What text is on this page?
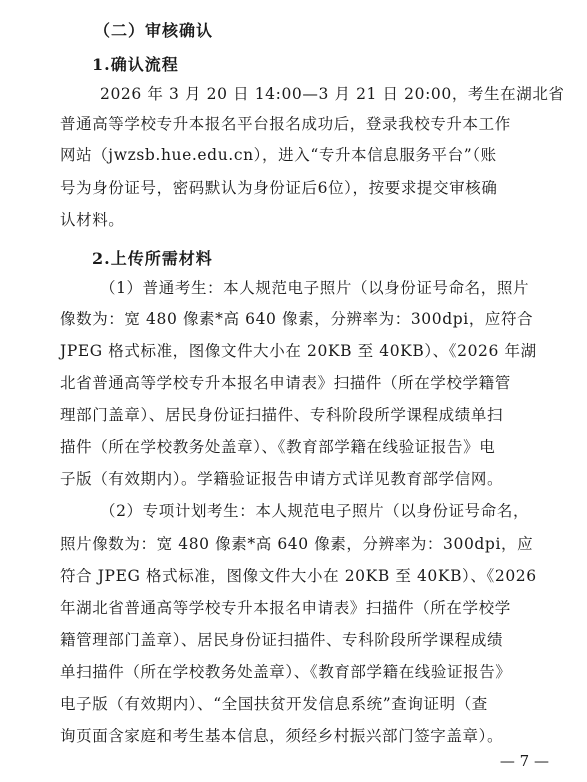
（二）审核确认
1.确认流程
2026 年 3 月 20 日 14:00—3 月 21 日 20:00，考生在湖北省
普通高等学校专升本报名平台报名成功后，登录我校专升本工作
网站（jwzsb.hue.edu.cn），进入“专升本信息服务平台”（账
号为身份证号，密码默认为身份证后6位），按要求提交审核确
认材料。
2.上传所需材料
（1）普通考生：本人规范电子照片（以身份证号命名，照片
像数为：宽 480 像素*高 640 像素，分辨率为：300dpi，应符合
JPEG 格式标准，图像文件大小在 20KB 至 40KB）、《2026 年湖
北省普通高等学校专升本报名申请表》扫描件（所在学校学籍管
理部门盖章）、居民身份证扫描件、专科阶段所学课程成绩单扫
描件（所在学校教务处盖章）、《教育部学籍在线验证报告》电
子版（有效期内）。学籍验证报告申请方式详见教育部学信网。
（2）专项计划考生：本人规范电子照片（以身份证号命名，
照片像数为：宽 480 像素*高 640 像素，分辨率为：300dpi，应
符合 JPEG 格式标准，图像文件大小在 20KB 至 40KB）、《2026
年湖北省普通高等学校专升本报名申请表》扫描件（所在学校学
籍管理部门盖章）、居民身份证扫描件、专科阶段所学课程成绩
单扫描件（所在学校教务处盖章）、《教育部学籍在线验证报告》
电子版（有效期内）、“全国扶贫开发信息系统”查询证明（查
询页面含家庭和考生基本信息，须经乡村振兴部门签字盖章）。
— 7 —
